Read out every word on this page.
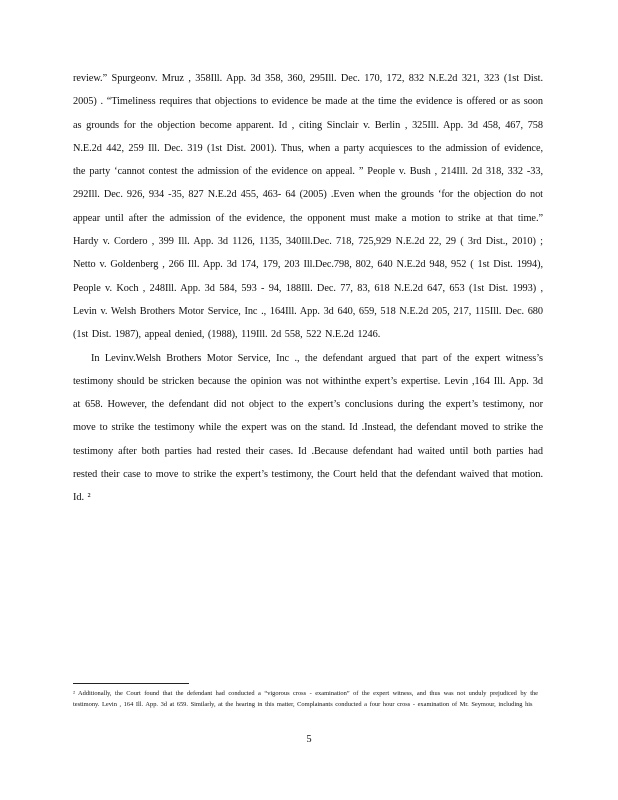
review.” Spurgeonv. Mruz , 358Ill. App. 3d 358, 360, 295Ill. Dec. 170, 172, 832 N.E.2d 321, 323 (1st Dist. 2005) . “Timeliness requires that objections to evidence be made at the time the evidence is offered or as soon as grounds for the objection become apparent. Id , citing Sinclair v. Berlin , 325Ill. App. 3d 458, 467, 758 N.E.2d 442, 259 Ill. Dec. 319 (1st Dist. 2001). Thus, when a party acquiesces to the admission of evidence, the party ‘cannot contest the admission of the evidence on appeal. ” People v. Bush , 214Ill. 2d 318, 332 -33, 292Ill. Dec. 926, 934 -35, 827 N.E.2d 455, 463- 64 (2005) .Even when the grounds ‘for the objection do not appear until after the admission of the evidence, the opponent must make a motion to strike at that time.” Hardy v. Cordero , 399 Ill. App. 3d 1126, 1135, 340Ill.Dec. 718, 725,929 N.E.2d 22, 29 ( 3rd Dist., 2010) ; Netto v. Goldenberg , 266 Ill. App. 3d 174, 179, 203 Ill.Dec.798, 802, 640 N.E.2d 948, 952 ( 1st Dist. 1994), People v. Koch , 248Ill. App. 3d 584, 593 - 94, 188Ill. Dec. 77, 83, 618 N.E.2d 647, 653 (1st Dist. 1993) , Levin v. Welsh Brothers Motor Service, Inc ., 164Ill. App. 3d 640, 659, 518 N.E.2d 205, 217, 115Ill. Dec. 680 (1st Dist. 1987), appeal denied, (1988), 119Ill. 2d 558, 522 N.E.2d 1246.

In Levinv.Welsh Brothers Motor Service, Inc ., the defendant argued that part of the expert witness’s testimony should be stricken because the opinion was not withinthe expert’s expertise. Levin ,164 Ill. App. 3d at 658. However, the defendant did not object to the expert’s conclusions during the expert’s testimony, nor move to strike the testimony while the expert was on the stand. Id .Instead, the defendant moved to strike the testimony after both parties had rested their cases. Id .Because defendant had waited until both parties had rested their case to move to strike the expert’s testimony, the Court held that the defendant waived that motion. Id. ²

² Additionally, the Court found that the defendant had conducted a “vigorous cross - examination” of the expert witness, and thus was not unduly prejudiced by the testimony. Levin , 164 Ill. App. 3d at 659. Similarly, at the hearing in this matter, Complainants conducted a four hour cross - examination of Mr. Seymour, including his
5
